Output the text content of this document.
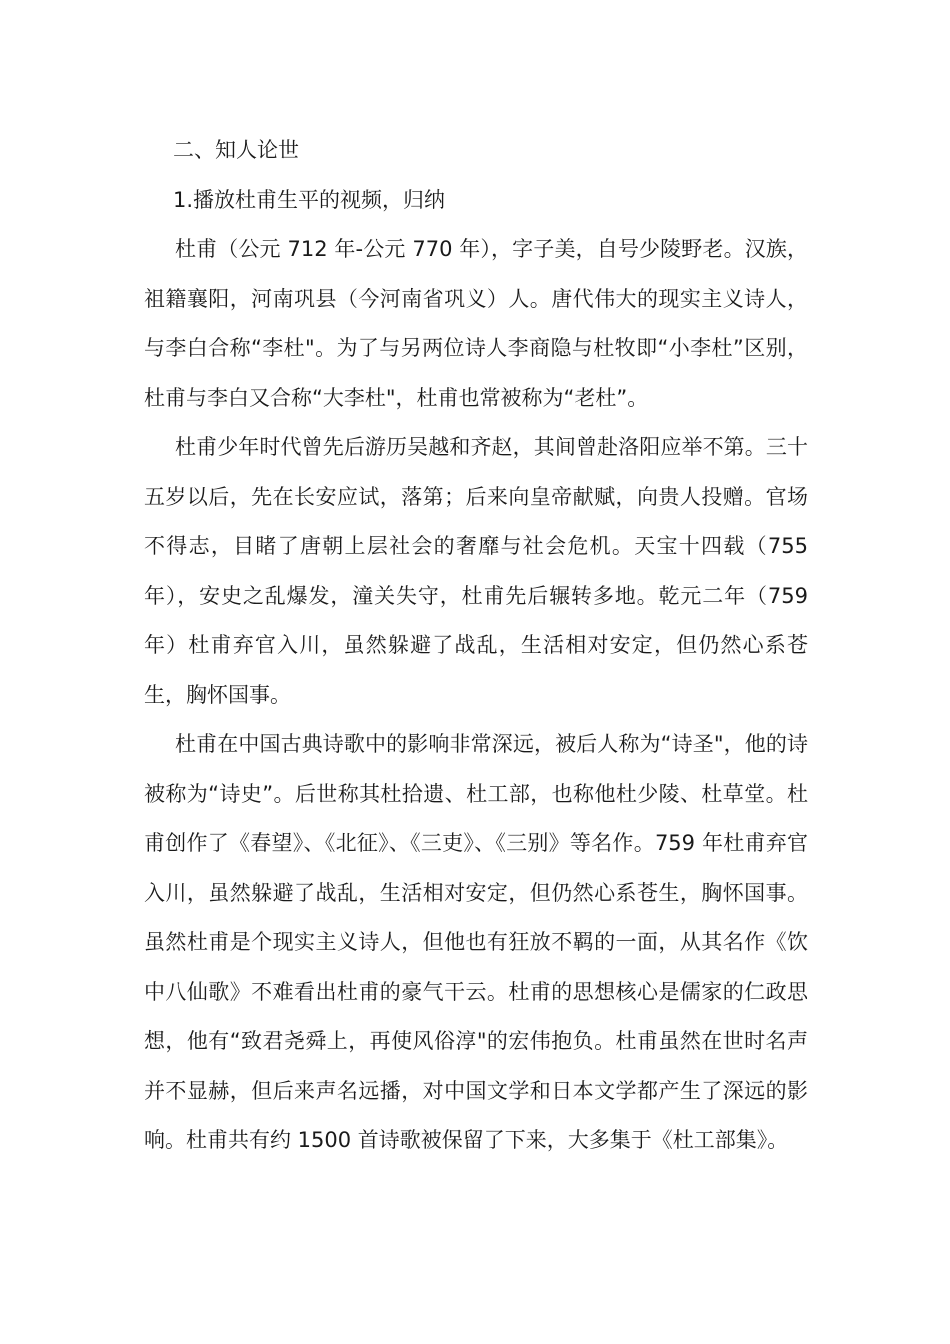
二、知人论世

1.播放杜甫生平的视频，归纳

杜甫（公元 712 年-公元 770 年），字子美，自号少陵野老。汉族，祖籍襄阳，河南巩县（今河南省巩义）人。唐代伟大的现实主义诗人，与李白合称“李杜"。为了与另两位诗人李商隐与杜牧即“小李杜”区别，杜甫与李白又合称“大李杜"，杜甫也常被称为“老杜”。

杜甫少年时代曾先后游历吴越和齐赵，其间曾赴洛阳应举不第。三十五岁以后，先在长安应试，落第；后来向皇帝献赋，向贵人投赠。官场不得志，目睹了唐朝上层社会的奢靡与社会危机。天宝十四载（755 年），安史之乱爆发，潼关失守，杜甫先后辗转多地。乾元二年（759 年）杜甫弃官入川，虽然躲避了战乱，生活相对安定，但仍然心系苍生，胸怀国事。

杜甫在中国古典诗歌中的影响非常深远，被后人称为“诗圣"，他的诗被称为“诗史”。后世称其杜拾遗、杜工部，也称他杜少陵、杜草堂。杜甫创作了《春望》、《北征》、《三吏》、《三别》等名作。759 年杜甫弃官入川，虽然躲避了战乱，生活相对安定，但仍然心系苍生，胸怀国事。虽然杜甫是个现实主义诗人，但他也有狂放不羁的一面，从其名作《饮中八仙歌》不难看出杜甫的豪气干云。杜甫的思想核心是儒家的仁政思想，他有“致君尧舜上，再使风俗淳"的宏伟抱负。杜甫虽然在世时名声并不显赫，但后来声名远播，对中国文学和日本文学都产生了深远的影响。杜甫共有约 1500 首诗歌被保留了下来，大多集于《杜工部集》。
